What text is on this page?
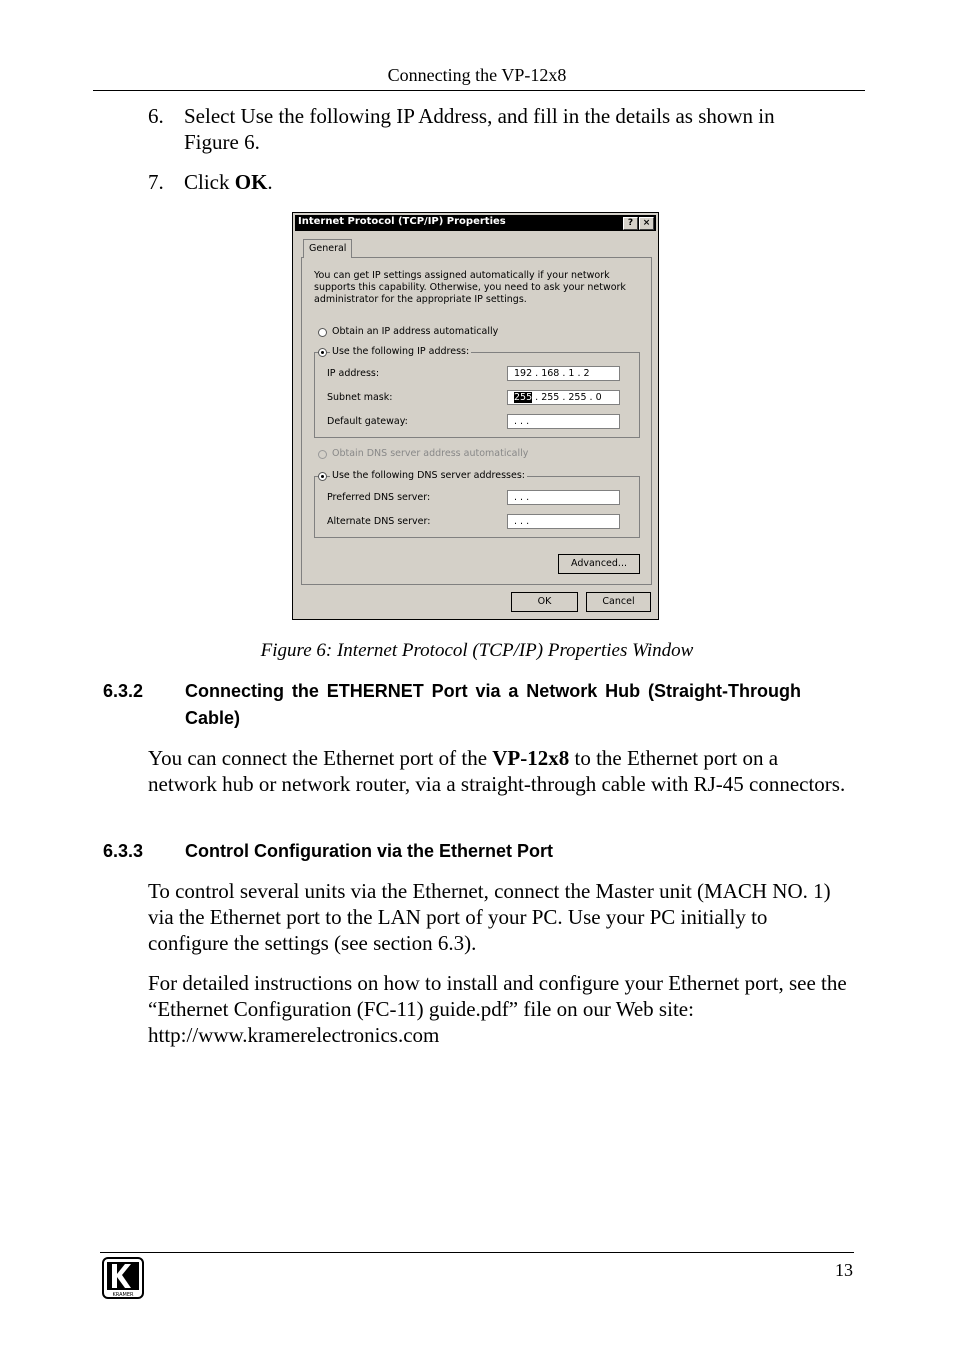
Connecting the VP-12x8
6. Select Use the following IP Address, and fill in the details as shown in Figure 6.
7. Click OK.
Internet Protocol (TCP/IP) Properties	?	×
General
You can get IP settings assigned automatically if your network supports this capability. Otherwise, you need to ask your network administrator for the appropriate IP settings.
Obtain an IP address automatically
IP address:	192 . 168 . 1 . 2
Subnet mask:	255 . 255 . 255 . 0
Default gateway:	. . .
Use the following IP address:
Obtain DNS server address automatically
Preferred DNS server:	. . .
Alternate DNS server:	. . .
Use the following DNS server addresses:
Advanced...
OK	Cancel
Figure 6: Internet Protocol (TCP/IP) Properties Window
6.3.2 Connecting the ETHERNET Port via a Network Hub (Straight-Through Cable)
You can connect the Ethernet port of the VP-12x8 to the Ethernet port on a network hub or network router, via a straight-through cable with RJ-45 connectors.
6.3.3 Control Configuration via the Ethernet Port
To control several units via the Ethernet, connect the Master unit (MACH NO. 1) via the Ethernet port to the LAN port of your PC. Use your PC initially to configure the settings (see section 6.3).
For detailed instructions on how to install and configure your Ethernet port, see the “Ethernet Configuration (FC-11) guide.pdf” file on our Web site: http://www.kramerelectronics.com
13
KRAMER
